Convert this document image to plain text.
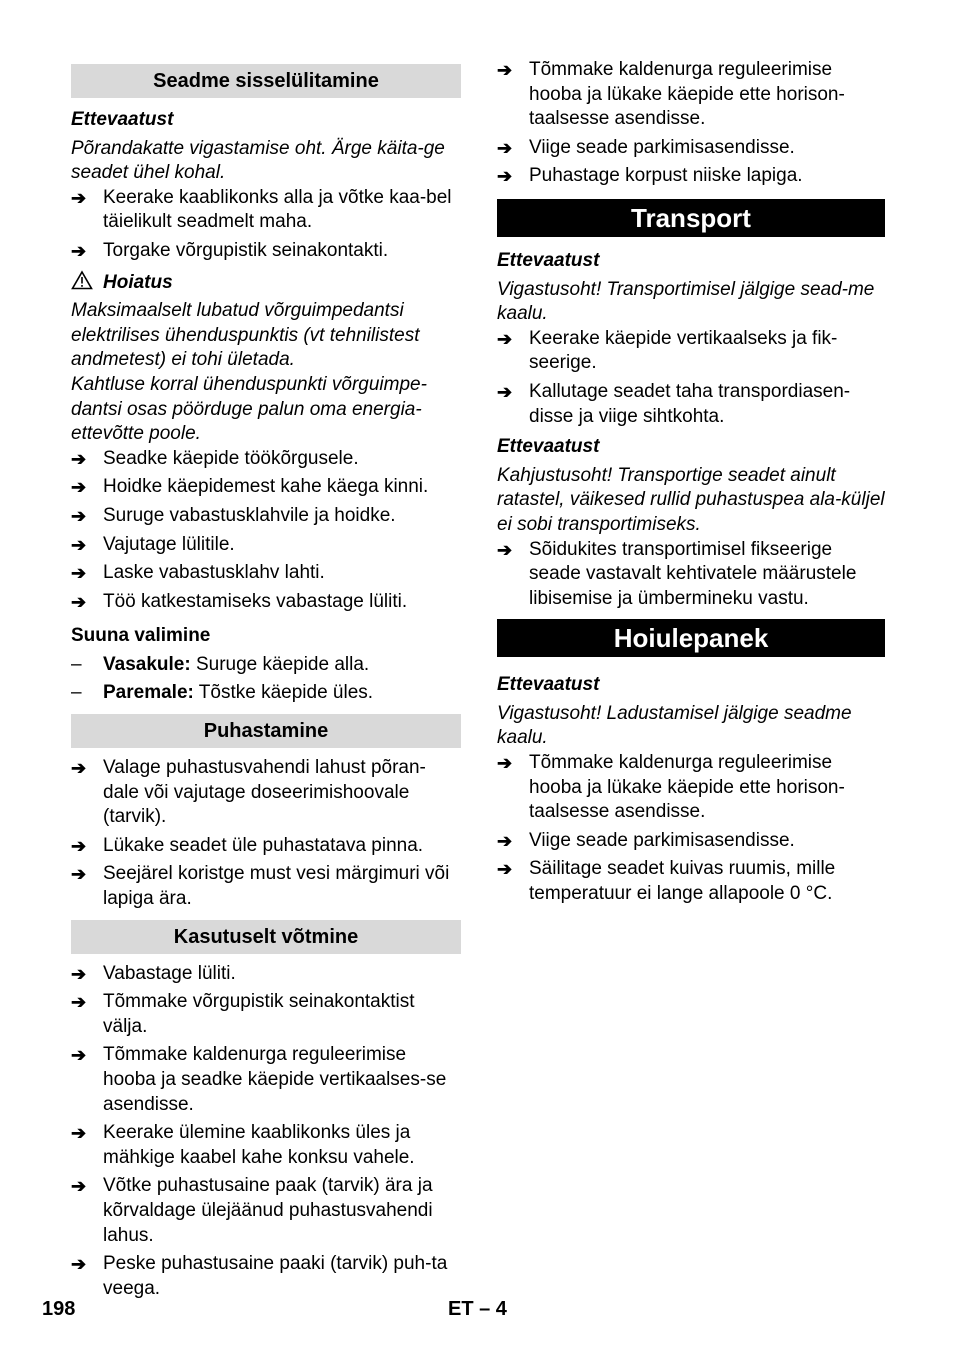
Seadme sisselülitamine
Ettevaatust
Põrandakatte vigastamise oht. Ärge käita-ge seadet ühel kohal.
➔ Keerake kaablikonks alla ja võtke kaa-bel täielikult seadmelt maha.
➔ Torgake võrgupistik seinakontakti.
Hoiatus
Maksimaalselt lubatud võrguimpedantsi elektrilises ühenduspunktis (vt tehnilistest andmetest) ei tohi ületada.
Kahtluse korral ühenduspunkti võrguimpe-dantsi osas pöörduge palun oma energia-ettevõtte poole.
➔ Seadke käepide töökõrgusele.
➔ Hoidke käepidemest kahe käega kinni.
➔ Suruge vabastusklahvile ja hoidke.
➔ Vajutage lülitile.
➔ Laske vabastusklahv lahti.
➔ Töö katkestamiseks vabastage lüliti.
Suuna valimine
– Vasakule: Suruge käepide alla.
– Paremale: Tõstke käepide üles.
Puhastamine
➔ Valage puhastusvahendi lahust põran-dale või vajutage doseerimishoovale (tarvik).
➔ Lükake seadet üle puhastatava pinna.
➔ Seejärel koristge must vesi märgimuri või lapiga ära.
Kasutuselt võtmine
➔ Vabastage lüliti.
➔ Tõmmake võrgupistik seinakontaktist välja.
➔ Tõmmake kaldenurga reguleerimise hooba ja seadke käepide vertikaalses-se asendisse.
➔ Keerake ülemine kaablikonks üles ja mähkige kaabel kahe konksu vahele.
➔ Võtke puhastusaine paak (tarvik) ära ja kõrvaldage ülejäänud puhastusvahendi lahus.
➔ Peske puhastusaine paaki (tarvik) puh-ta veega.
➔ Tõmmake kaldenurga reguleerimise hooba ja lükake käepide ette horison-taalsesse asendisse.
➔ Viige seade parkimisasendisse.
➔ Puhastage korpust niiske lapiga.
Transport
Ettevaatust
Vigastusoht! Transportimisel jälgige sead-me kaalu.
➔ Keerake käepide vertikaalseks ja fik-seerige.
➔ Kallutage seadet taha transpordiasen-disse ja viige sihtkohta.
Ettevaatust
Kahjustusoht! Transportige seadet ainult ratastel, väikesed rullid puhastuspea ala-küljel ei sobi transportimiseks.
➔ Sõidukites transportimisel fikseerige seade vastavalt kehtivatele määrustele libisemise ja ümbermineku vastu.
Hoiulepanek
Ettevaatust
Vigastusoht! Ladustamisel jälgige seadme kaalu.
➔ Tõmmake kaldenurga reguleerimise hooba ja lükake käepide ette horison-taalsesse asendisse.
➔ Viige seade parkimisasendisse.
➔ Säilitage seadet kuivas ruumis, mille temperatuur ei lange allapoole 0 °C.
198	ET – 4
